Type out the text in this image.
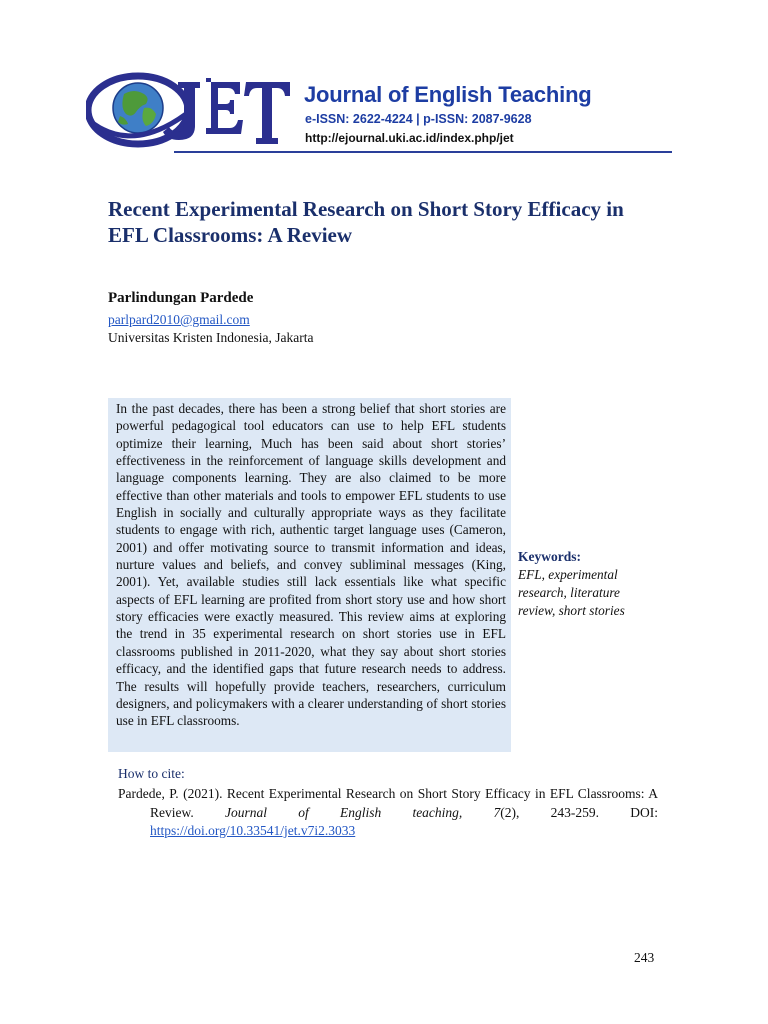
Journal of English Teaching
e-ISSN: 2622-4224 | p-ISSN: 2087-9628
http://ejournal.uki.ac.id/index.php/jet
Recent Experimental Research on Short Story Efficacy in EFL Classrooms: A Review
Parlindungan Pardede
parlpard2010@gmail.com
Universitas Kristen Indonesia, Jakarta

In the past decades, there has been a strong belief that short stories are powerful pedagogical tool educators can use to help EFL students optimize their learning, Much has been said about short stories’ effectiveness in the reinforcement of language skills development and language components learning. They are also claimed to be more effective than other materials and tools to empower EFL students to use English in socially and culturally appropriate ways as they facilitate students to engage with rich, authentic target language uses (Cameron, 2001) and offer motivating source to transmit information and ideas, nurture values and beliefs, and convey subliminal messages (King, 2001). Yet, available studies still lack essentials like what specific aspects of EFL learning are profited from short story use and how short story efficacies were exactly measured. This review aims at exploring the trend in 35 experimental research on short stories use in EFL classrooms published in 2011-2020, what they say about short stories efficacy, and the identified gaps that future research needs to address. The results will hopefully provide teachers, researchers, curriculum designers, and policymakers with a clearer understanding of short stories use in EFL classrooms.

Keywords:
EFL, experimental research, literature review, short stories
How to cite:

Pardede, P. (2021). Recent Experimental Research on Short Story Efficacy in EFL Classrooms: A Review. Journal of English teaching, 7(2), 243-259. DOI: https://doi.org/10.33541/jet.v7i2.3033

243
